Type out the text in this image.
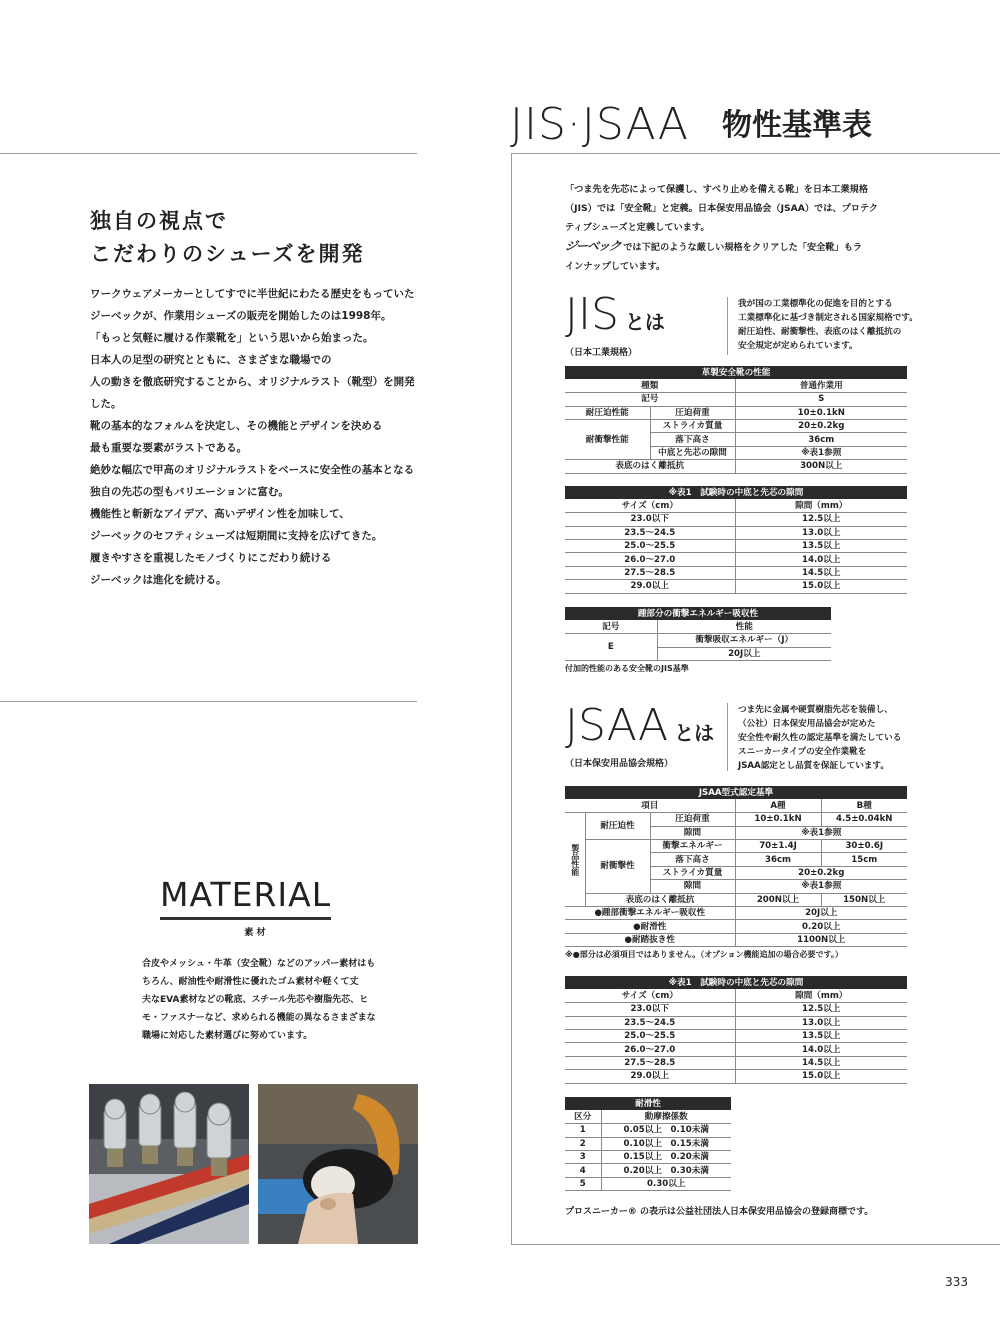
JIS·JSAA 物性基準表
独自の視点で
こだわりのシューズを開発
ワークウェアメーカーとしてすでに半世紀にわたる歴史をもっていた
ジーベックが、作業用シューズの販売を開始したのは1998年。
「もっと気軽に履ける作業靴を」という思いから始まった。
日本人の足型の研究とともに、さまざまな職場での
人の動きを徹底研究することから、オリジナルラスト（靴型）を開発した。
靴の基本的なフォルムを決定し、その機能とデザインを決める
最も重要な要素がラストである。
絶妙な幅広で甲高のオリジナルラストをベースに安全性の基本となる
独自の先芯の型もバリエーションに富む。
機能性と斬新なアイデア、高いデザイン性を加味して、
ジーベックのセフティシューズは短期間に支持を広げてきた。
履きやすさを重視したモノづくりにこだわり続ける
ジーベックは進化を続ける。
MATERIAL
素 材
合皮やメッシュ・牛革（安全靴）などのアッパー素材はも
ちろん、耐油性や耐滑性に優れたゴム素材や軽くて丈
夫なEVA素材などの靴底、スチール先芯や樹脂先芯、ヒ
モ・ファスナーなど、求められる機能の異なるさまざまな
職場に対応した素材選びに努めています。
「つま先を先芯によって保護し、すべり止めを備える靴」を日本工業規格
（JIS）では「安全靴」と定義。日本保安用品協会（JSAA）では、プロテク
ティブシューズと定義しています。
ジーベック では下記のような厳しい規格をクリアした「安全靴」もラ
インナップしています。
JIS とは
（日本工業規格）
我が国の工業標準化の促進を目的とする
工業標準化に基づき制定される国家規格です。
耐圧迫性、耐衝撃性、表底のはく離抵抗の
安全規定が定められています。
革製安全靴の性能		
種類		普通作業用
記号		S
耐圧迫性能	圧迫荷重	10±0.1kN
耐衝撃性能	ストライカ質量	20±0.2kg
	落下高さ	36cm
	中底と先芯の隙間	※表1参照
表底のはく離抵抗		300N以上
※表1　試験時の中底と先芯の隙間	
サイズ（cm）	隙間（mm）
23.0以下	12.5以上
23.5〜24.5	13.0以上
25.0〜25.5	13.5以上
26.0〜27.0	14.0以上
27.5〜28.5	14.5以上
29.0以上	15.0以上
踵部分の衝撃エネルギー吸収性	
記号	性能
E	衝撃吸収エネルギー（J）
	20J以上
付加的性能のある安全靴のJIS基準
JSAA とは
（日本保安用品協会規格）
つま先に金属や硬質樹脂先芯を装備し、
（公社）日本保安用品協会が定めた
安全性や耐久性の認定基準を満たしている
スニーカータイプの安全作業靴を
JSAA認定とし品質を保証しています。
JSAA型式認定基準				
項目			A種	B種
製品性能	耐圧迫性	圧迫荷重	10±0.1kN	4.5±0.04kN
		隙間	※表1参照	
	耐衝撃性	衝撃エネルギー	70±1.4J	30±0.6J
		落下高さ	36cm	15cm
		ストライカ質量	20±0.2kg	
		隙間	※表1参照	
	表底のはく離抵抗		200N以上	150N以上
●踵部衝撃エネルギー吸収性			20J以上	
●耐滑性			0.20以上	
●耐踏抜き性			1100N以上	
※●部分は必須項目ではありません。（オプション機能追加の場合必要です。）
※表1　試験時の中底と先芯の隙間	
サイズ（cm）	隙間（mm）
23.0以下	12.5以上
23.5〜24.5	13.0以上
25.0〜25.5	13.5以上
26.0〜27.0	14.0以上
27.5〜28.5	14.5以上
29.0以上	15.0以上
耐滑性	
区分	動摩擦係数
1	0.05以上　0.10未満
2	0.10以上　0.15未満
3	0.15以上　0.20未満
4	0.20以上　0.30未満
5	0.30以上
プロスニーカー® の表示は公益社団法人日本保安用品協会の登録商標です。
333
